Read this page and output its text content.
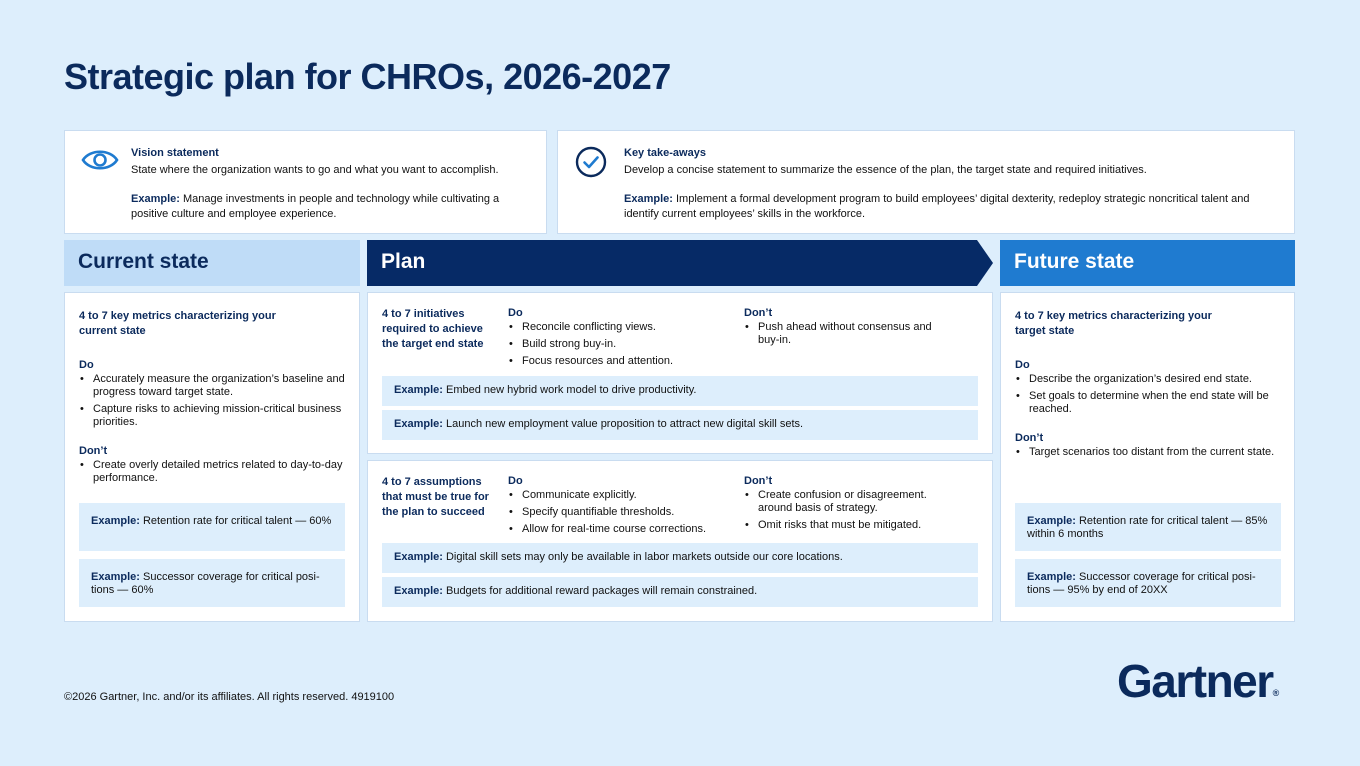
Strategic plan for CHROs, 2026-2027
Vision statement
State where the organization wants to go and what you want to accomplish.
Example: Manage investments in people and technology while cultivating a positive culture and employee experience.
Key take-aways
Develop a concise statement to summarize the essence of the plan, the target state and required initiatives.
Example: Implement a formal development program to build employees’ digital dexterity, redeploy strategic noncritical talent and identify current employees’ skills in the workforce.
Current state	Plan	Future state
4 to 7 key metrics characterizing your current state
Do
• Accurately measure the organization’s baseline and progress toward target state.
• Capture risks to achieving mission-critical business priorities.
Don’t
• Create overly detailed metrics related to day-to-day performance.
Example: Retention rate for critical talent — 60%
Example: Successor coverage for critical posi-tions — 60%
4 to 7 initiatives required to achieve the target end state
Do
• Reconcile conflicting views.
• Build strong buy-in.
• Focus resources and attention.
Don’t
• Push ahead without consensus and buy-in.
Example: Embed new hybrid work model to drive productivity.
Example: Launch new employment value proposition to attract new digital skill sets.
4 to 7 assumptions that must be true for the plan to succeed
Do
• Communicate explicitly.
• Specify quantifiable thresholds.
• Allow for real-time course corrections.
Don’t
• Create confusion or disagreement. around basis of strategy.
• Omit risks that must be mitigated.
Example: Digital skill sets may only be available in labor markets outside our core locations.
Example: Budgets for additional reward packages will remain constrained.
4 to 7 key metrics characterizing your target state
Do
• Describe the organization’s desired end state.
• Set goals to determine when the end state will be reached.
Don’t
• Target scenarios too distant from the current state.
Example: Retention rate for critical talent — 85% within 6 months
Example: Successor coverage for critical posi-tions — 95% by end of 20XX
©2026 Gartner, Inc. and/or its affiliates. All rights reserved. 4919100	Gartner®
